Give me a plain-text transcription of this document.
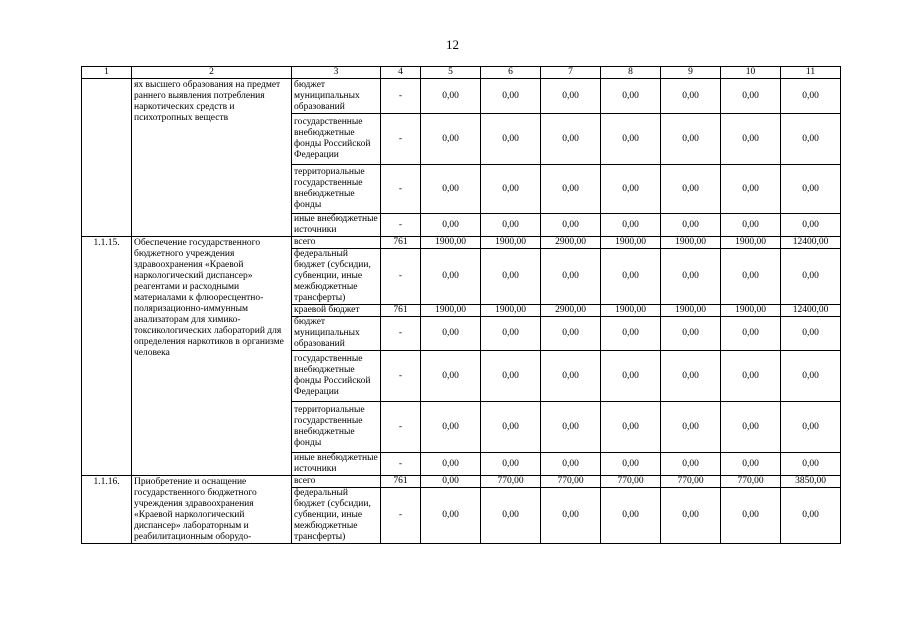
12
1	2	3	4	5	6	7	8	9	10	11
	ях высшего образования на предмет раннего выявления потребления наркотических средств и психотропных веществ	бюджет муниципальных образований	-	0,00	0,00	0,00	0,00	0,00	0,00	0,00
		государственные внебюджетные фонды Российской Федерации	-	0,00	0,00	0,00	0,00	0,00	0,00	0,00
		территориальные государственные внебюджетные фонды	-	0,00	0,00	0,00	0,00	0,00	0,00	0,00
		иные внебюджетные источники	-	0,00	0,00	0,00	0,00	0,00	0,00	0,00
1.1.15.	Обеспечение государственного бюджетного учреждения здравоохранения «Краевой наркологический диспансер» реагентами и расходными материалами к флюоресцентно-поляризационно-иммунным анализаторам для химико-токсикологических лабораторий для определения наркотиков в организме человека	всего	761	1900,00	1900,00	2900,00	1900,00	1900,00	1900,00	12400,00
		федеральный бюджет (субсидии, субвенции, иные межбюджетные трансферты)	-	0,00	0,00	0,00	0,00	0,00	0,00	0,00
		краевой бюджет	761	1900,00	1900,00	2900,00	1900,00	1900,00	1900,00	12400,00
		бюджет муниципальных образований	-	0,00	0,00	0,00	0,00	0,00	0,00	0,00
		государственные внебюджетные фонды Российской Федерации	-	0,00	0,00	0,00	0,00	0,00	0,00	0,00
		территориальные государственные внебюджетные фонды	-	0,00	0,00	0,00	0,00	0,00	0,00	0,00
		иные внебюджетные источники	-	0,00	0,00	0,00	0,00	0,00	0,00	0,00
1.1.16.	Приобретение и оснащение государственного бюджетного учреждения здравоохранения «Краевой наркологический диспансер» лабораторным и реабилитационным оборудо-	всего	761	0,00	770,00	770,00	770,00	770,00	770,00	3850,00
		федеральный бюджет (субсидии, субвенции, иные межбюджетные трансферты)	-	0,00	0,00	0,00	0,00	0,00	0,00	0,00
